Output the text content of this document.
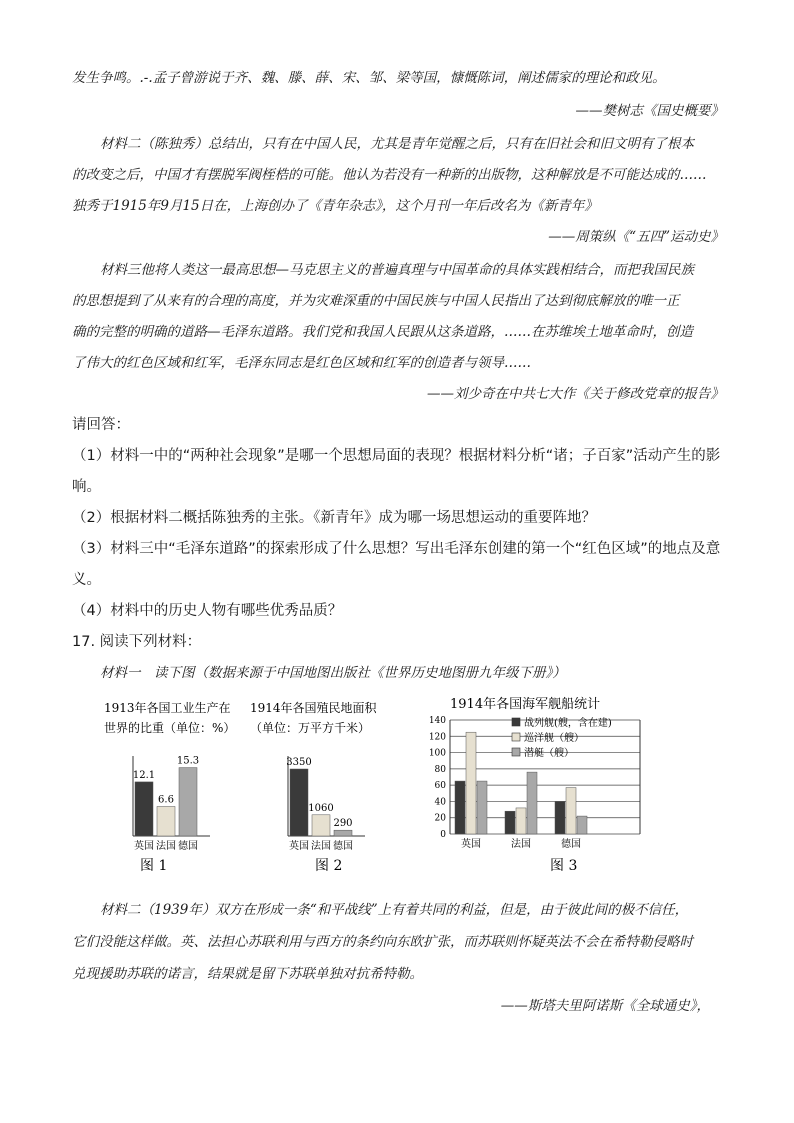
发生争鸣。.-.孟子曾游说于齐、魏、滕、薛、宋、邹、梁等国，慷慨陈词，阐述儒家的理论和政见。
——樊树志《国史概要》
材料二（陈独秀）总结出，只有在中国人民，尤其是青年觉醒之后，只有在旧社会和旧文明有了根本
的改变之后，中国才有摆脱军阀桎梏的可能。他认为若没有一种新的出版物，这种解放是不可能达成的……
独秀于1915年9月15日在，上海创办了《青年杂志》，这个月刊一年后改名为《新青年》
——周策纵《“五四”运动史》
材料三他将人类这一最高思想—马克思主义的普遍真理与中国革命的具体实践相结合，而把我国民族
的思想提到了从来有的合理的高度，并为灾难深重的中国民族与中国人民指出了达到彻底解放的唯一正
确的完整的明确的道路—毛泽东道路。我们党和我国人民跟从这条道路，……在苏维埃土地革命时，创造
了伟大的红色区域和红军，毛泽东同志是红色区域和红军的创造者与领导……
——刘少奇在中共七大作《关于修改党章的报告》
请回答：
（1）材料一中的“两种社会现象”是哪一个思想局面的表现？根据材料分析“诸；子百家”活动产生的影
响。
（2）根据材料二概括陈独秀的主张。《新青年》成为哪一场思想运动的重要阵地？
（3）材料三中“毛泽东道路”的探索形成了什么思想？写出毛泽东创建的第一个“红色区域”的地点及意
义。
（4）材料中的历史人物有哪些优秀品质？
17. 阅读下列材料：
材料一　读下图（数据来源于中国地图出版社《世界历史地图册九年级下册》）
1913年各国工业生产在
世界的比重（单位：%）
12.1
英国
6.6
法国
15.3
德国
图 1
1914年各国殖民地面积
（单位：万平方千米）
3350
英国
1060
法国
290
德国
图 2
1914年各国海军舰船统计
0
20
40
60
80
100
120
140
英国	法国	德国
战列舰(艘，含在建)
巡洋舰（艘）
潜艇（艘）
图 3
材料二（1939年）双方在形成一条“和平战线”上有着共同的利益，但是，由于彼此间的极不信任，
它们没能这样做。英、法担心苏联利用与西方的条约向东欧扩张，而苏联则怀疑英法不会在希特勒侵略时
兑现援助苏联的诺言，结果就是留下苏联单独对抗希特勒。
——斯塔夫里阿诺斯《全球通史》，
